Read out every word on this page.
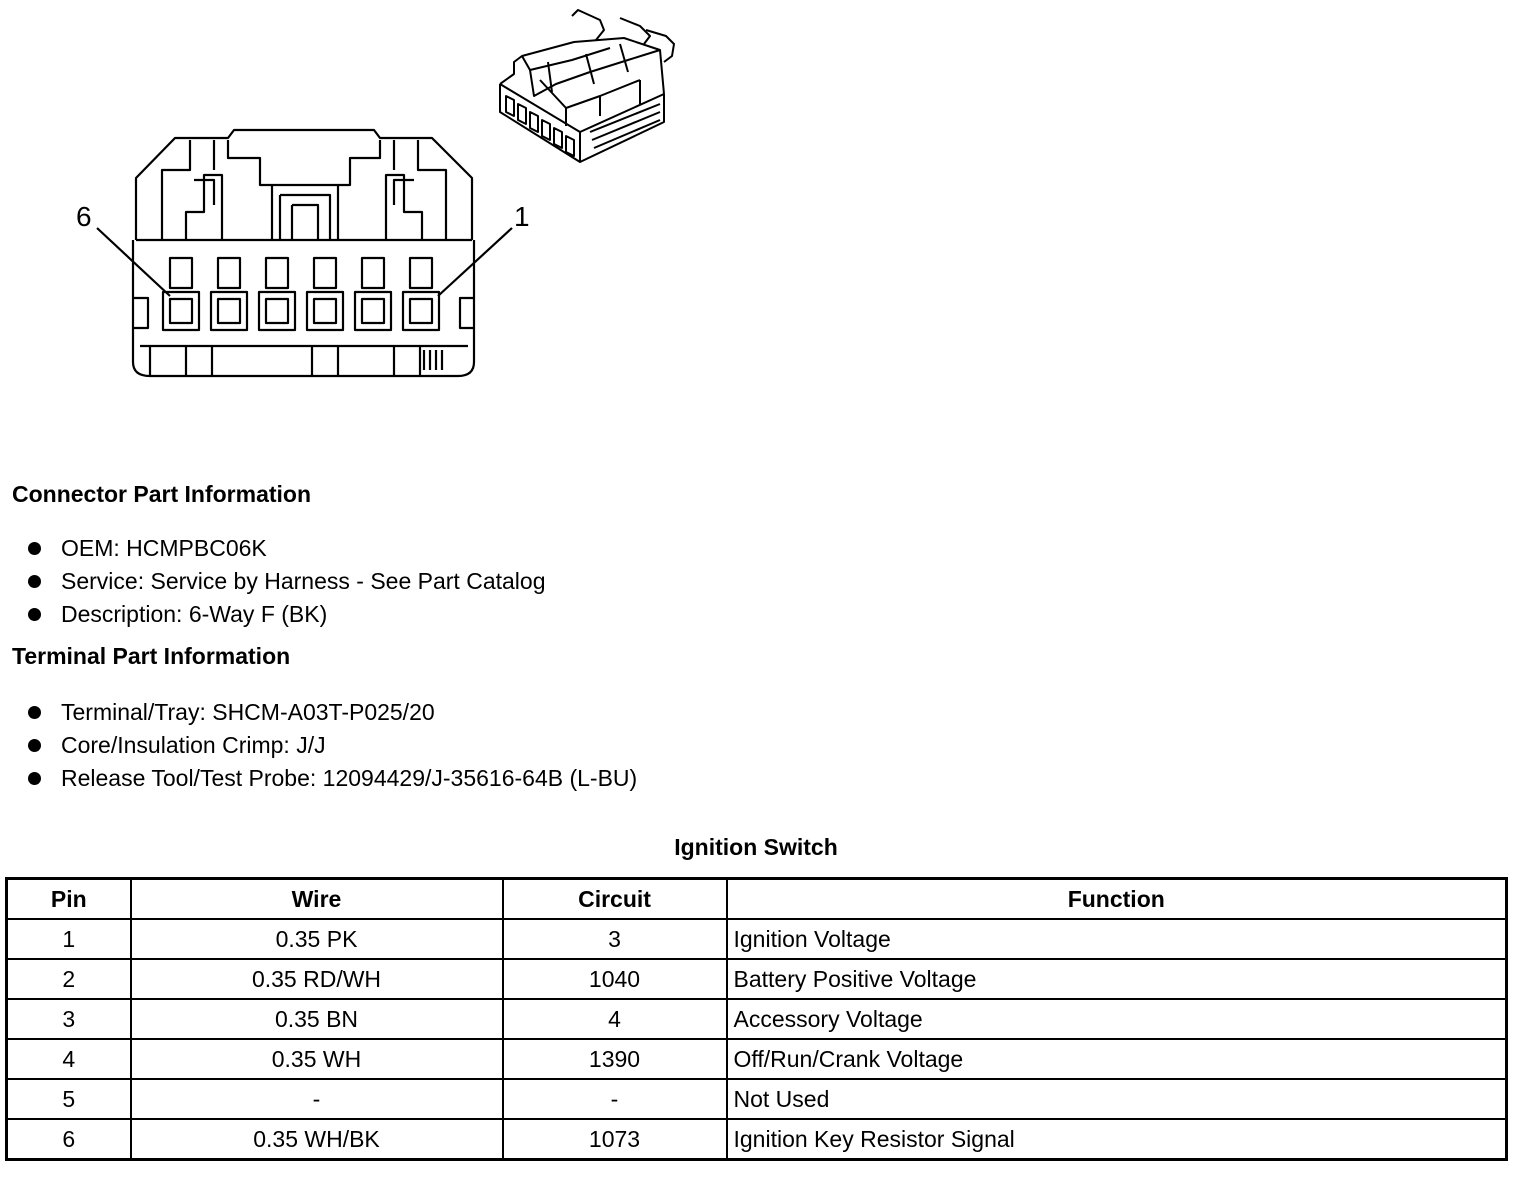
6	1
Connector Part Information
OEM: HCMPBC06K
Service: Service by Harness - See Part Catalog
Description: 6-Way F (BK)
Terminal Part Information
Terminal/Tray: SHCM-A03T-P025/20
Core/Insulation Crimp: J/J
Release Tool/Test Probe: 12094429/J-35616-64B (L-BU)
Ignition Switch
Pin	Wire	Circuit	Function
1	0.35 PK	3	Ignition Voltage
2	0.35 RD/WH	1040	Battery Positive Voltage
3	0.35 BN	4	Accessory Voltage
4	0.35 WH	1390	Off/Run/Crank Voltage
5	-	-	Not Used
6	0.35 WH/BK	1073	Ignition Key Resistor Signal
